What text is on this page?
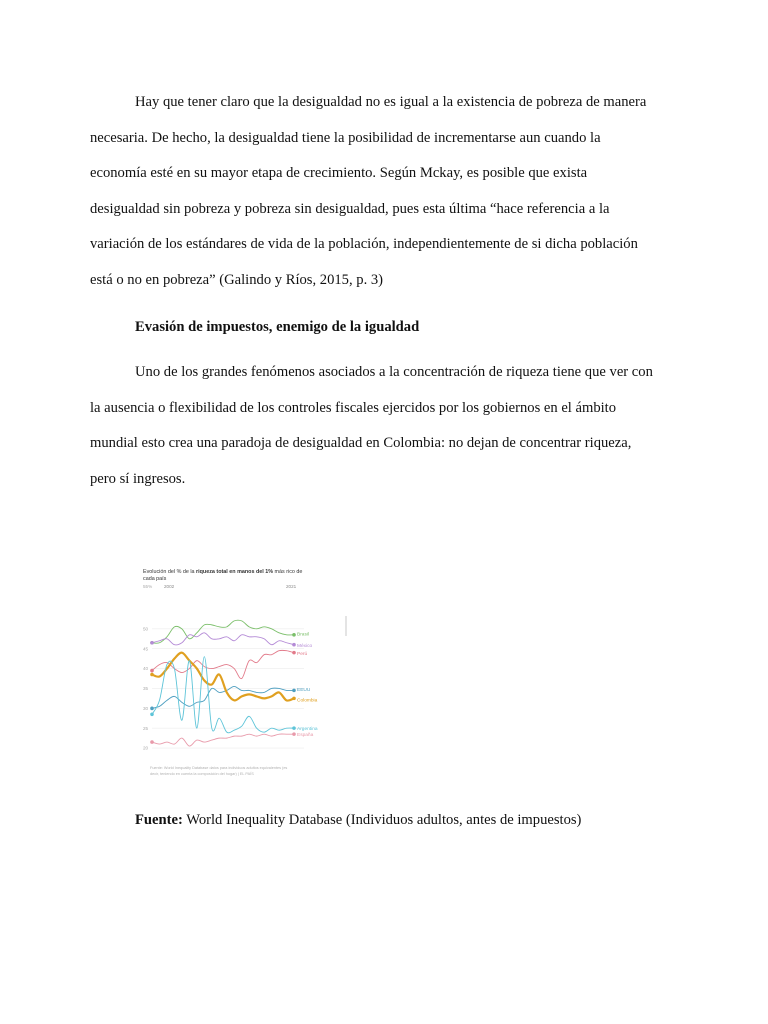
Hay que tener claro que la desigualdad no es igual a la existencia de pobreza de manera
necesaria. De hecho, la desigualdad tiene la posibilidad de incrementarse aun cuando la
economía esté en su mayor etapa de crecimiento. Según Mckay, es posible que exista
desigualdad sin pobreza y pobreza sin desigualdad, pues esta última “hace referencia a la
variación de los estándares de vida de la población, independientemente de si dicha población
está o no en pobreza” (Galindo y Ríos, 2015, p. 3)

Evasión de impuestos, enemigo de la igualdad

Uno de los grandes fenómenos asociados a la concentración de riqueza tiene que ver con
la ausencia o flexibilidad de los controles fiscales ejercidos por los gobiernos en el ámbito
mundial esto crea una paradoja de desigualdad en Colombia: no dejan de concentrar riqueza,
pero sí ingresos.

Evolución del % de la riqueza total en manos del 1% más rico de
cada país
55%	2002	2021
50
45
40
35
30
25
20
Brasil
México
Perú
EEUU
Colombia
Argentina
España
Fuente: World Inequality Database datos para individuos adultos equivalentes (es
decir, teniendo en cuenta la composición del hogar) | EL PAÍS

Fuente: World Inequality Database (Individuos adultos, antes de impuestos)
